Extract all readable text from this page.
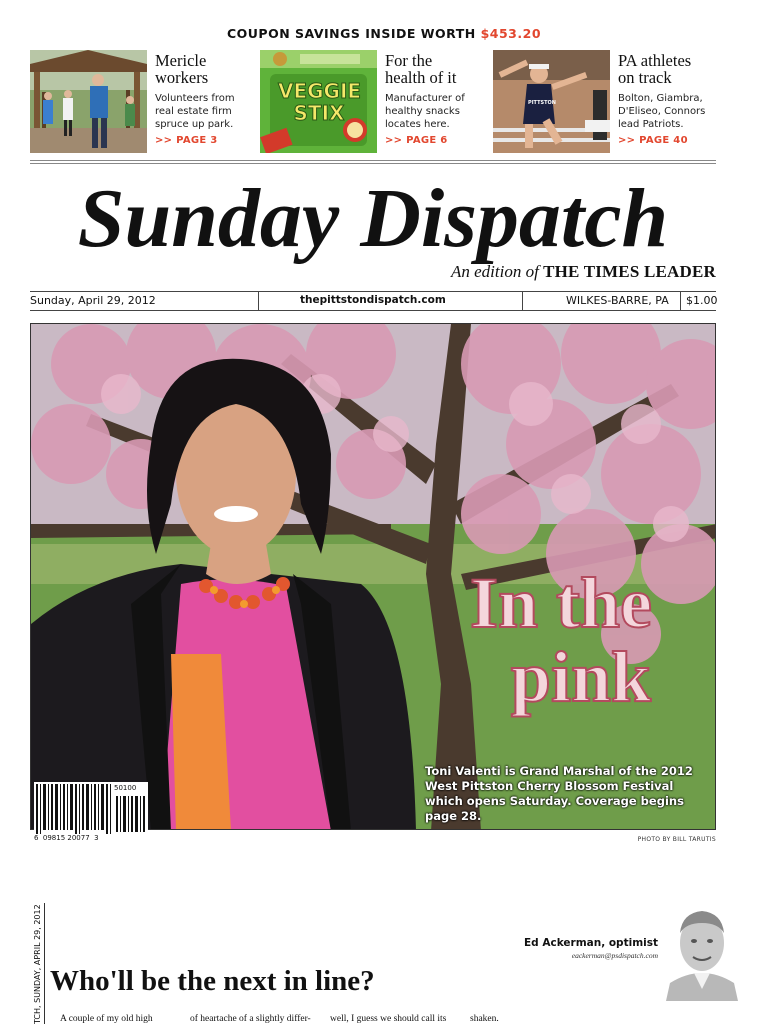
COUPON SAVINGS INSIDE WORTH $453.20
Mericle
workers
Volunteers from
real estate firm
spruce up park.
>> PAGE 3
VEGGIE
STIX
For the
health of it
Manufacturer of
healthy snacks
locates here.
>> PAGE 6
PITTSTON
PA athletes
on track
Bolton, Giambra,
D'Eliseo, Connors
lead Patriots.
>> PAGE 40
Sunday Dispatch
An edition of THE TIMES LEADER
Sunday, April 29, 2012	thepittstondispatch.com	WILKES-BARRE, PA $1.00
In the
pink
Toni Valenti is Grand Marshal of the 2012 West Pittston Cherry Blossom Festival which opens Saturday. Coverage begins page 28.
50100
6  09815 20077  3	PHOTO BY BILL TARUTIS
TCH, SUNDAY, APRIL 29, 2012	Ed Ackerman, optimist
eackerman@psdispatch.com
Who'll be the next in line?
A couple of my old high	of heartache of a slightly differ- well, I guess we should call its shaken.
